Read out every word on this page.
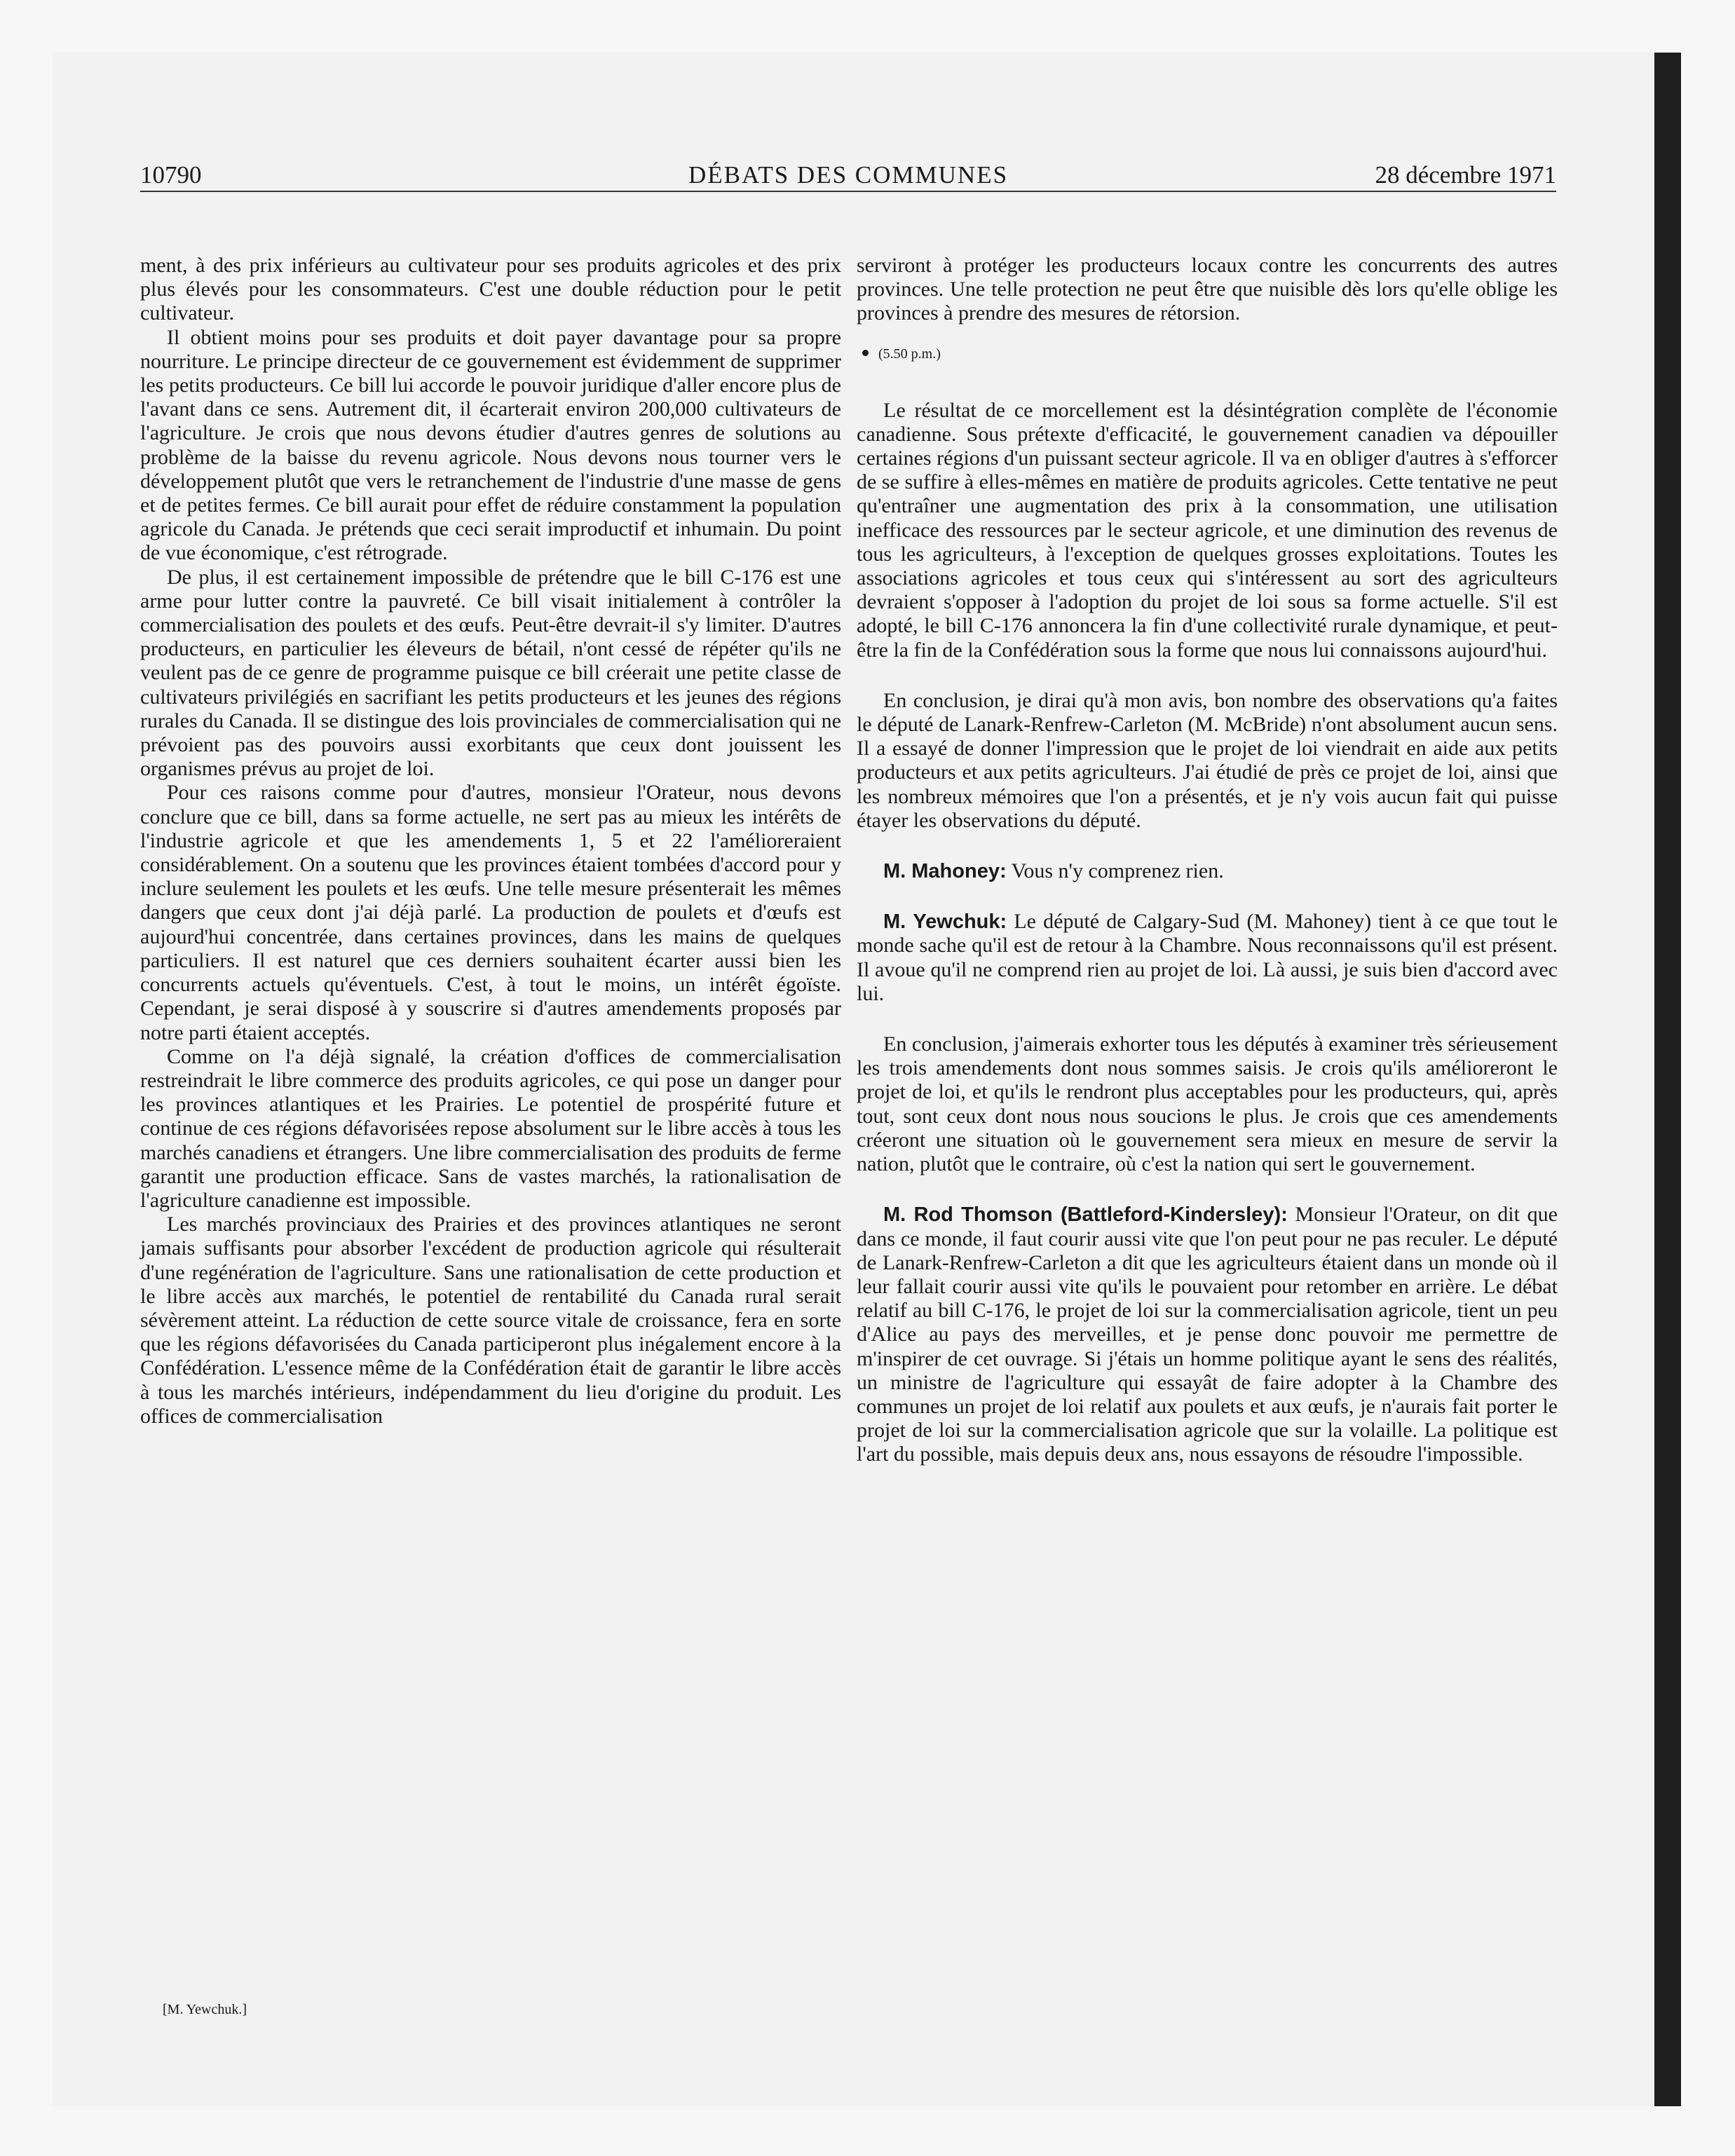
10790	DÉBATS DES COMMUNES	28 décembre 1971

ment, à des prix inférieurs au cultivateur pour ses produits agricoles et des prix plus élevés pour les consommateurs. C'est une double réduction pour le petit cultivateur.

Il obtient moins pour ses produits et doit payer davantage pour sa propre nourriture. Le principe directeur de ce gouvernement est évidemment de supprimer les petits producteurs. Ce bill lui accorde le pouvoir juridique d'aller encore plus de l'avant dans ce sens. Autrement dit, il écarterait environ 200,000 cultivateurs de l'agriculture. Je crois que nous devons étudier d'autres genres de solutions au problème de la baisse du revenu agricole. Nous devons nous tourner vers le développement plutôt que vers le retranchement de l'industrie d'une masse de gens et de petites fermes. Ce bill aurait pour effet de réduire constamment la population agricole du Canada. Je prétends que ceci serait improductif et inhumain. Du point de vue économique, c'est rétrograde.

De plus, il est certainement impossible de prétendre que le bill C-176 est une arme pour lutter contre la pauvreté. Ce bill visait initialement à contrôler la commercialisation des poulets et des œufs. Peut-être devrait-il s'y limiter. D'autres producteurs, en particulier les éleveurs de bétail, n'ont cessé de répéter qu'ils ne veulent pas de ce genre de programme puisque ce bill créerait une petite classe de cultivateurs privilégiés en sacrifiant les petits producteurs et les jeunes des régions rurales du Canada. Il se distingue des lois provinciales de commercialisation qui ne prévoient pas des pouvoirs aussi exorbitants que ceux dont jouissent les organismes prévus au projet de loi.

Pour ces raisons comme pour d'autres, monsieur l'Orateur, nous devons conclure que ce bill, dans sa forme actuelle, ne sert pas au mieux les intérêts de l'industrie agricole et que les amendements 1, 5 et 22 l'amélioreraient considérablement. On a soutenu que les provinces étaient tombées d'accord pour y inclure seulement les poulets et les œufs. Une telle mesure présenterait les mêmes dangers que ceux dont j'ai déjà parlé. La production de poulets et d'œufs est aujourd'hui concentrée, dans certaines provinces, dans les mains de quelques particuliers. Il est naturel que ces derniers souhaitent écarter aussi bien les concurrents actuels qu'éventuels. C'est, à tout le moins, un intérêt égoïste. Cependant, je serai disposé à y souscrire si d'autres amendements proposés par notre parti étaient acceptés.

Comme on l'a déjà signalé, la création d'offices de commercialisation restreindrait le libre commerce des produits agricoles, ce qui pose un danger pour les provinces atlantiques et les Prairies. Le potentiel de prospérité future et continue de ces régions défavorisées repose absolument sur le libre accès à tous les marchés canadiens et étrangers. Une libre commercialisation des produits de ferme garantit une production efficace. Sans de vastes marchés, la rationalisation de l'agriculture canadienne est impossible.

Les marchés provinciaux des Prairies et des provinces atlantiques ne seront jamais suffisants pour absorber l'excédent de production agricole qui résulterait d'une regénération de l'agriculture. Sans une rationalisation de cette production et le libre accès aux marchés, le potentiel de rentabilité du Canada rural serait sévèrement atteint. La réduction de cette source vitale de croissance, fera en sorte que les régions défavorisées du Canada participeront plus inégalement encore à la Confédération. L'essence même de la Confédération était de garantir le libre accès à tous les marchés intérieurs, indépendamment du lieu d'origine du produit. Les offices de commercialisation

serviront à protéger les producteurs locaux contre les concurrents des autres provinces. Une telle protection ne peut être que nuisible dès lors qu'elle oblige les provinces à prendre des mesures de rétorsion.

(5.50 p.m.)

Le résultat de ce morcellement est la désintégration complète de l'économie canadienne. Sous prétexte d'efficacité, le gouvernement canadien va dépouiller certaines régions d'un puissant secteur agricole. Il va en obliger d'autres à s'efforcer de se suffire à elles-mêmes en matière de produits agricoles. Cette tentative ne peut qu'entraîner une augmentation des prix à la consommation, une utilisation inefficace des ressources par le secteur agricole, et une diminution des revenus de tous les agriculteurs, à l'exception de quelques grosses exploitations. Toutes les associations agricoles et tous ceux qui s'intéressent au sort des agriculteurs devraient s'opposer à l'adoption du projet de loi sous sa forme actuelle. S'il est adopté, le bill C-176 annoncera la fin d'une collectivité rurale dynamique, et peut-être la fin de la Confédération sous la forme que nous lui connaissons aujourd'hui.

En conclusion, je dirai qu'à mon avis, bon nombre des observations qu'a faites le député de Lanark-Renfrew-Carleton (M. McBride) n'ont absolument aucun sens. Il a essayé de donner l'impression que le projet de loi viendrait en aide aux petits producteurs et aux petits agriculteurs. J'ai étudié de près ce projet de loi, ainsi que les nombreux mémoires que l'on a présentés, et je n'y vois aucun fait qui puisse étayer les observations du député.

M. Mahoney: Vous n'y comprenez rien.

M. Yewchuk: Le député de Calgary-Sud (M. Mahoney) tient à ce que tout le monde sache qu'il est de retour à la Chambre. Nous reconnaissons qu'il est présent. Il avoue qu'il ne comprend rien au projet de loi. Là aussi, je suis bien d'accord avec lui.

En conclusion, j'aimerais exhorter tous les députés à examiner très sérieusement les trois amendements dont nous sommes saisis. Je crois qu'ils amélioreront le projet de loi, et qu'ils le rendront plus acceptables pour les producteurs, qui, après tout, sont ceux dont nous nous soucions le plus. Je crois que ces amendements créeront une situation où le gouvernement sera mieux en mesure de servir la nation, plutôt que le contraire, où c'est la nation qui sert le gouvernement.

M. Rod Thomson (Battleford-Kindersley): Monsieur l'Orateur, on dit que dans ce monde, il faut courir aussi vite que l'on peut pour ne pas reculer. Le député de Lanark-Renfrew-Carleton a dit que les agriculteurs étaient dans un monde où il leur fallait courir aussi vite qu'ils le pouvaient pour retomber en arrière. Le débat relatif au bill C-176, le projet de loi sur la commercialisation agricole, tient un peu d'Alice au pays des merveilles, et je pense donc pouvoir me permettre de m'inspirer de cet ouvrage. Si j'étais un homme politique ayant le sens des réalités, un ministre de l'agriculture qui essayât de faire adopter à la Chambre des communes un projet de loi relatif aux poulets et aux œufs, je n'aurais fait porter le projet de loi sur la commercialisation agricole que sur la volaille. La politique est l'art du possible, mais depuis deux ans, nous essayons de résoudre l'impossible.

[M. Yewchuk.]
